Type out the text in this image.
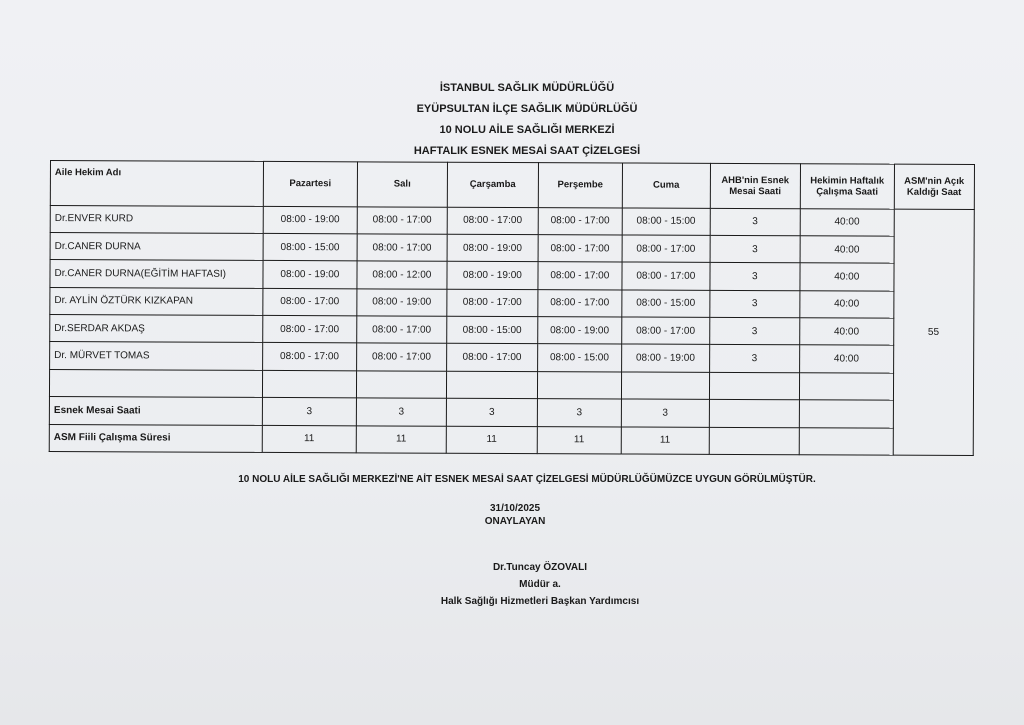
İSTANBUL SAĞLIK MÜDÜRLÜĞÜ
EYÜPSULTAN İLÇE SAĞLIK MÜDÜRLÜĞÜ
10 NOLU AİLE SAĞLIĞI MERKEZİ
HAFTALIK ESNEK MESAİ SAAT ÇİZELGESİ
Aile Hekim Adı	Pazartesi	Salı	Çarşamba	Perşembe	Cuma	AHB'nin Esnek Mesai Saati	Hekimin Haftalık Çalışma Saati	ASM'nin Açık Kaldığı Saat
Dr.ENVER KURD	08:00 - 19:00	08:00 - 17:00	08:00 - 17:00	08:00 - 17:00	08:00 - 15:00	3	40:00	55
Dr.CANER DURNA	08:00 - 15:00	08:00 - 17:00	08:00 - 19:00	08:00 - 17:00	08:00 - 17:00	3	40:00	
Dr.CANER DURNA(EĞİTİM HAFTASI)	08:00 - 19:00	08:00 - 12:00	08:00 - 19:00	08:00 - 17:00	08:00 - 17:00	3	40:00	
Dr. AYLİN ÖZTÜRK KIZKAPAN	08:00 - 17:00	08:00 - 19:00	08:00 - 17:00	08:00 - 17:00	08:00 - 15:00	3	40:00	
Dr.SERDAR AKDAŞ	08:00 - 17:00	08:00 - 17:00	08:00 - 15:00	08:00 - 19:00	08:00 - 17:00	3	40:00	
Dr. MÜRVET TOMAS	08:00 - 17:00	08:00 - 17:00	08:00 - 17:00	08:00 - 15:00	08:00 - 19:00	3	40:00	

Esnek Mesai Saati	3	3	3	3	3			
ASM Fiili Çalışma Süresi	11	11	11	11	11			
10 NOLU AİLE SAĞLIĞI MERKEZİ'NE AİT ESNEK MESAİ SAAT ÇİZELGESİ MÜDÜRLÜĞÜMÜZCE UYGUN GÖRÜLMÜŞTÜR.
31/10/2025
ONAYLAYAN
Dr.Tuncay ÖZOVALI
Müdür a.
Halk Sağlığı Hizmetleri Başkan Yardımcısı
